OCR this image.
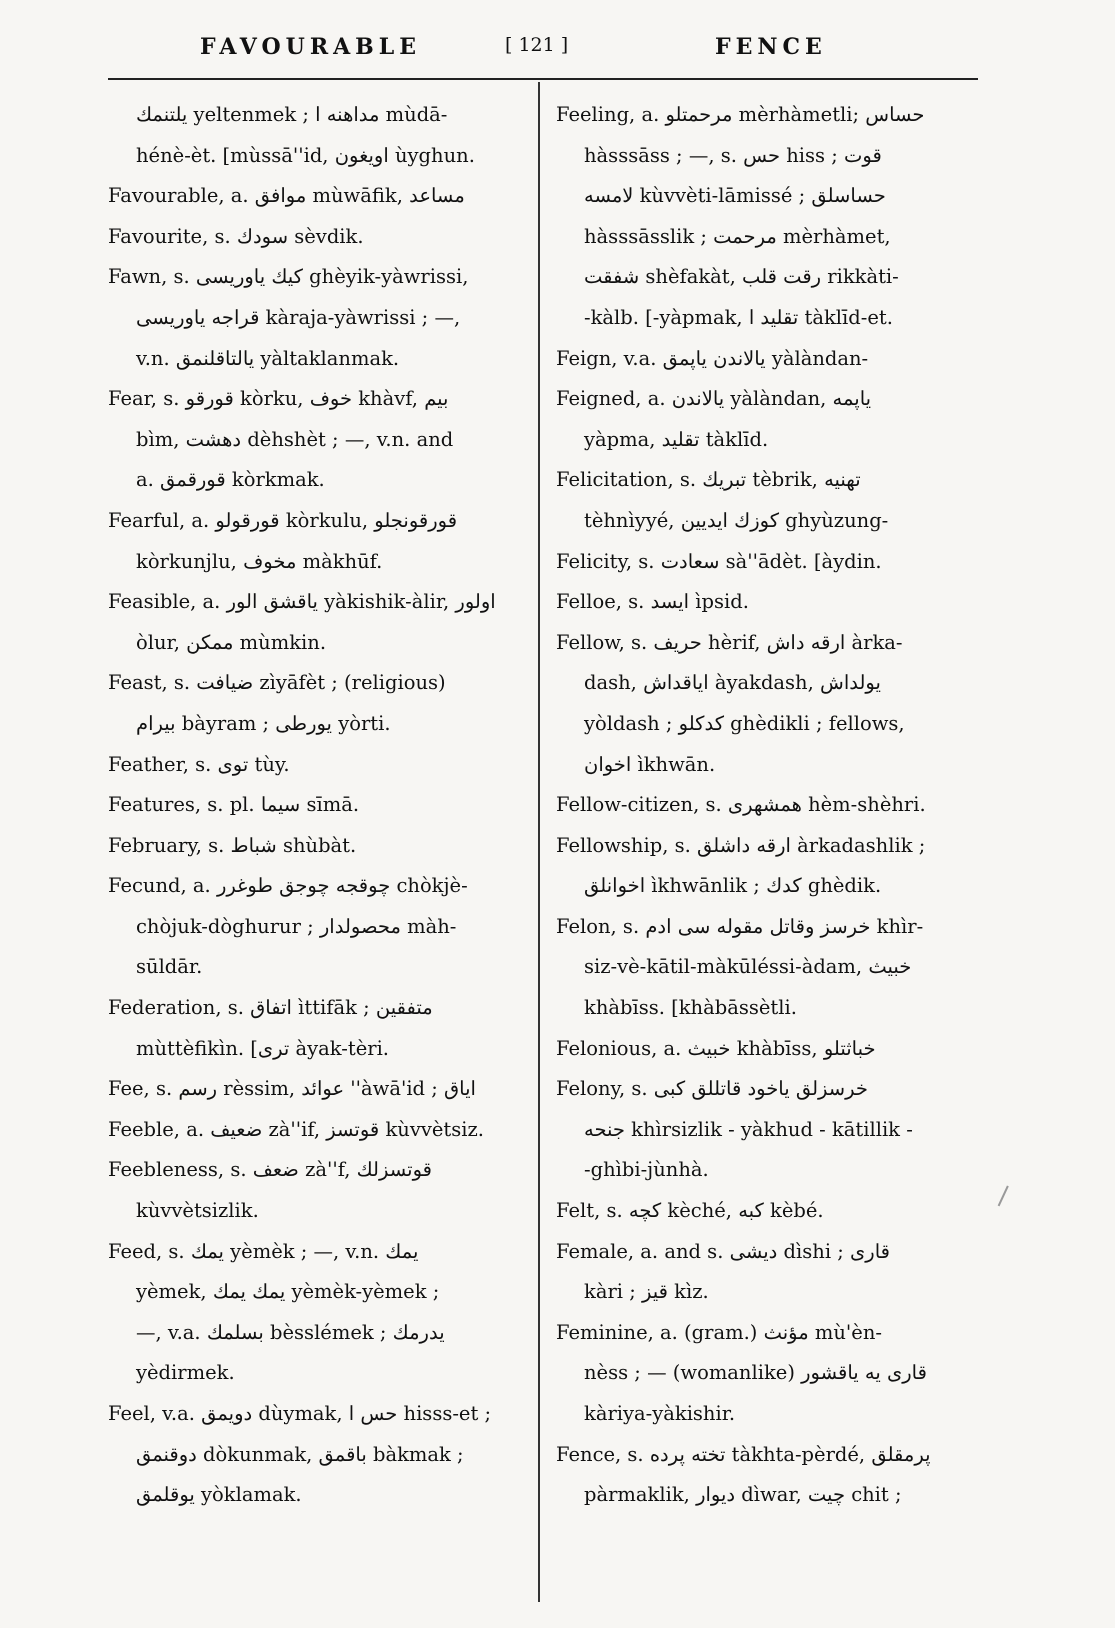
FAVOURABLE	[ 121 ]	FENCE
يلتنمك yeltenmek ; مداهنه ا mùdā-
hénè-èt. [mùssā''id, اويغون ùyghun.
Favourable, a. موافق mùwāfik, مساعد
Favourite, s. سودك sèvdik.
Fawn, s. كيك ياوريسى ghèyik-yàwrissi,
قراجه ياوريسى kàraja-yàwrissi ; —,
v.n. يالتاقلنمق yàltaklanmak.
Fear, s. قورقو kòrku, خوف khàvf, بيم
bìm, دهشت dèhshèt ; —, v.n. and
a. قورقمق kòrkmak.
Fearful, a. قورقولو kòrkulu, قورقونجلو
kòrkunjlu, مخوف màkhūf.
Feasible, a. ياقشق الور yàkishik-àlir, اولور
òlur, ممكن mùmkin.
Feast, s. ضيافت zìyāfèt ; (religious)
بيرام bàyram ; يورطى yòrti.
Feather, s. توى tùy.
Features, s. pl. سيما sīmā.
February, s. شباط shùbàt.
Fecund, a. چوقجه چوجق طوغرر chòkjè-
chòjuk-dòghurur ; محصولدار màh-
sūldār.
Federation, s. اتفاق ìttifāk ; متفقين
mùttèfikìn. [ترى àyak-tèri.
Fee, s. رسم rèssim, عوائد ''àwā'id ; اياق
Feeble, a. ضعيف zà''if, قوتسز kùvvètsiz.
Feebleness, s. ضعف zà''f, قوتسزلك
kùvvètsizlik.
Feed, s. يمك yèmèk ; —, v.n. يمك
yèmek, يمك يمك yèmèk-yèmek ;
—, v.a. بسلمك bèsslémek ; يدرمك
yèdirmek.
Feel, v.a. دويمق dùymak, حس ا hisss-et ;
دوقنمق dòkunmak, باقمق bàkmak ;
يوقلمق yòklamak.
Feeling, a. مرحمتلو mèrhàmetli; حساس
hàsssāss ; —, s. حس hiss ; قوت
لامسه kùvvèti-lāmissé ; حساسلق
hàsssāsslik ; مرحمت mèrhàmet,
شفقت shèfakàt, رقت قلب rikkàti-
-kàlb. [-yàpmak, تقليد ا tàklīd-et.
Feign, v.a. يالاندن ياپمق yàlàndan-
Feigned, a. يالاندن yàlàndan, ياپمه
yàpma, تقليد tàklīd.
Felicitation, s. تبريك tèbrik, تهنيه
tèhnìyyé, كوزك ايديين ghyùzung-
Felicity, s. سعادت sà''ādèt. [àydin.
Felloe, s. ايسد ìpsid.
Fellow, s. حريف hèrif, ارقه داش àrka-
dash, اياقداش àyakdash, يولداش
yòldash ; كدكلو ghèdikli ; fellows,
اخوان ìkhwān.
Fellow-citizen, s. همشهرى hèm-shèhri.
Fellowship, s. ارقه داشلق àrkadashlik ;
اخوانلق ìkhwānlik ; كدك ghèdik.
Felon, s. خرسز وقاتل مقوله سى ادم khìr-
siz-vè-kātil-màkūléssi-àdam, خبيث
khàbīss. [khàbāssètli.
Felonious, a. خبيث khàbīss, خباثتلو
Felony, s. خرسزلق ياخود قاتللق كبى
جنحه khìrsizlik - yàkhud - kātillik -
-ghìbi-jùnhà.
Felt, s. كچه kèché, كبه kèbé.
Female, a. and s. ديشى dìshi ; قارى
kàri ; قيز kìz.
Feminine, a. (gram.) مؤنث mù'èn-
nèss ; — (womanlike) قارى يه ياقشور
kàriya-yàkishir.
Fence, s. تخته پرده tàkhta-pèrdé, پرمقلق
pàrmaklik, ديوار dìwar, چيت chit ;
